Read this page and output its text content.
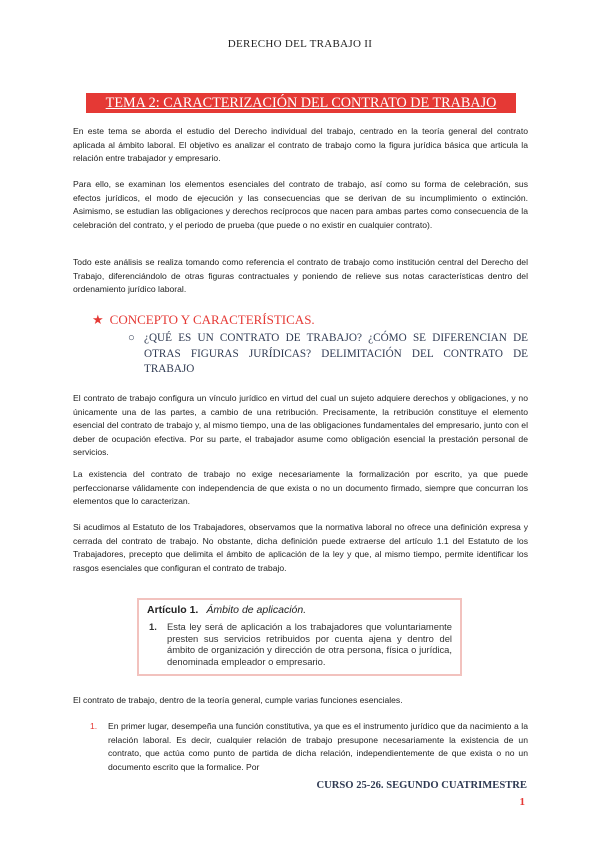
DERECHO DEL TRABAJO II
TEMA 2: CARACTERIZACIÓN DEL CONTRATO DE TRABAJO

En este tema se aborda el estudio del Derecho individual del trabajo, centrado en la teoría general del contrato aplicada al ámbito laboral. El objetivo es analizar el contrato de trabajo como la figura jurídica básica que articula la relación entre trabajador y empresario.

Para ello, se examinan los elementos esenciales del contrato de trabajo, así como su forma de celebración, sus efectos jurídicos, el modo de ejecución y las consecuencias que se derivan de su incumplimiento o extinción. Asimismo, se estudian las obligaciones y derechos recíprocos que nacen para ambas partes como consecuencia de la celebración del contrato, y el periodo de prueba (que puede o no existir en cualquier contrato).

Todo este análisis se realiza tomando como referencia el contrato de trabajo como institución central del Derecho del Trabajo, diferenciándolo de otras figuras contractuales y poniendo de relieve sus notas características dentro del ordenamiento jurídico laboral.

★ CONCEPTO Y CARACTERÍSTICAS.
○ ¿QUÉ ES UN CONTRATO DE TRABAJO? ¿CÓMO SE DIFERENCIAN DE OTRAS FIGURAS JURÍDICAS? DELIMITACIÓN DEL CONTRATO DE TRABAJO

El contrato de trabajo configura un vínculo jurídico en virtud del cual un sujeto adquiere derechos y obligaciones, y no únicamente una de las partes, a cambio de una retribución. Precisamente, la retribución constituye el elemento esencial del contrato de trabajo y, al mismo tiempo, una de las obligaciones fundamentales del empresario, junto con el deber de ocupación efectiva. Por su parte, el trabajador asume como obligación esencial la prestación personal de servicios.

La existencia del contrato de trabajo no exige necesariamente la formalización por escrito, ya que puede perfeccionarse válidamente con independencia de que exista o no un documento firmado, siempre que concurran los elementos que lo caracterizan.

Si acudimos al Estatuto de los Trabajadores, observamos que la normativa laboral no ofrece una definición expresa y cerrada del contrato de trabajo. No obstante, dicha definición puede extraerse del artículo 1.1 del Estatuto de los Trabajadores, precepto que delimita el ámbito de aplicación de la ley y que, al mismo tiempo, permite identificar los rasgos esenciales que configuran el contrato de trabajo.

Artículo 1. Ámbito de aplicación.
1. Esta ley será de aplicación a los trabajadores que voluntariamente presten sus servicios retribuidos por cuenta ajena y dentro del ámbito de organización y dirección de otra persona, física o jurídica, denominada empleador o empresario.

El contrato de trabajo, dentro de la teoría general, cumple varias funciones esenciales.

1. En primer lugar, desempeña una función constitutiva, ya que es el instrumento jurídico que da nacimiento a la relación laboral. Es decir, cualquier relación de trabajo presupone necesariamente la existencia de un contrato, que actúa como punto de partida de dicha relación, independientemente de que exista o no un documento escrito que la formalice. Por
CURSO 25-26. SEGUNDO CUATRIMESTRE
1
